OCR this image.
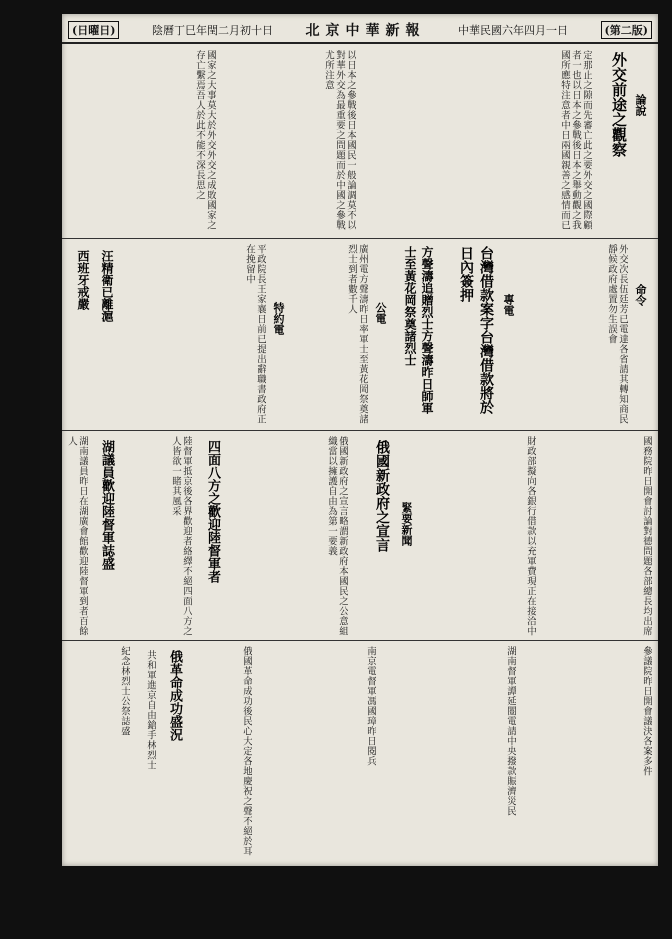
(日曜日)	陰曆丁巳年閏二月初十日 北京中華新報	中華民國六年四月一日	(第二版)
論說
外交前途之觀察
定那止之隙而先審亡此之要外交之國際顧者一也以日本之參戰後日本之舉動觀之我國所應特注意者中日兩國親善之感情而已
以日本之參戰後日本國民一般論調莫不以對華外交為最重要之問題而於中國之參戰尤所注意
國家之大事莫大於外交外交之成敗國家之存亡繫焉吾人於此不能不深長思之
命令
外交次長伍廷芳已電達各省請其轉知商民靜候政府處置勿生誤會
專電
台灣借款案字台灣借款將於日內簽押
方聲濤追贈烈士方聲濤昨日師軍士至黃花岡祭奠諸烈士
公電
廣州電方聲濤昨日率軍士至黃花岡祭奠諸烈士到者數千人
特約電
平政院長王家襄日前已提出辭職書政府正在挽留中
汪精衛已離滬
西班牙戒嚴
國務院昨日開會討論對德問題各部總長均出席
財政部擬向各銀行借款以充軍費現正在接洽中
緊要新聞
俄國新政府之宣言
俄國新政府之宣言略謂新政府本國民之公意組織當以擁護自由為第一要義
四面八方之歡迎陸督軍者
陸督軍抵京後各界歡迎者絡繹不絕四面八方之人皆欲一睹其風采
湖議員歡迎陸督軍誌盛
湖南議員昨日在湖廣會館歡迎陸督軍到者百餘人
參議院昨日開會議決各案多件
湖南督軍譚延闓電請中央撥款賑濟災民
南京電督軍馮國璋昨日閱兵
俄國革命成功後民心大定各地慶祝之聲不絕於耳
俄革命成功盛況
共和軍進京自由鎗手林烈士
紀念林烈士公祭誌盛
